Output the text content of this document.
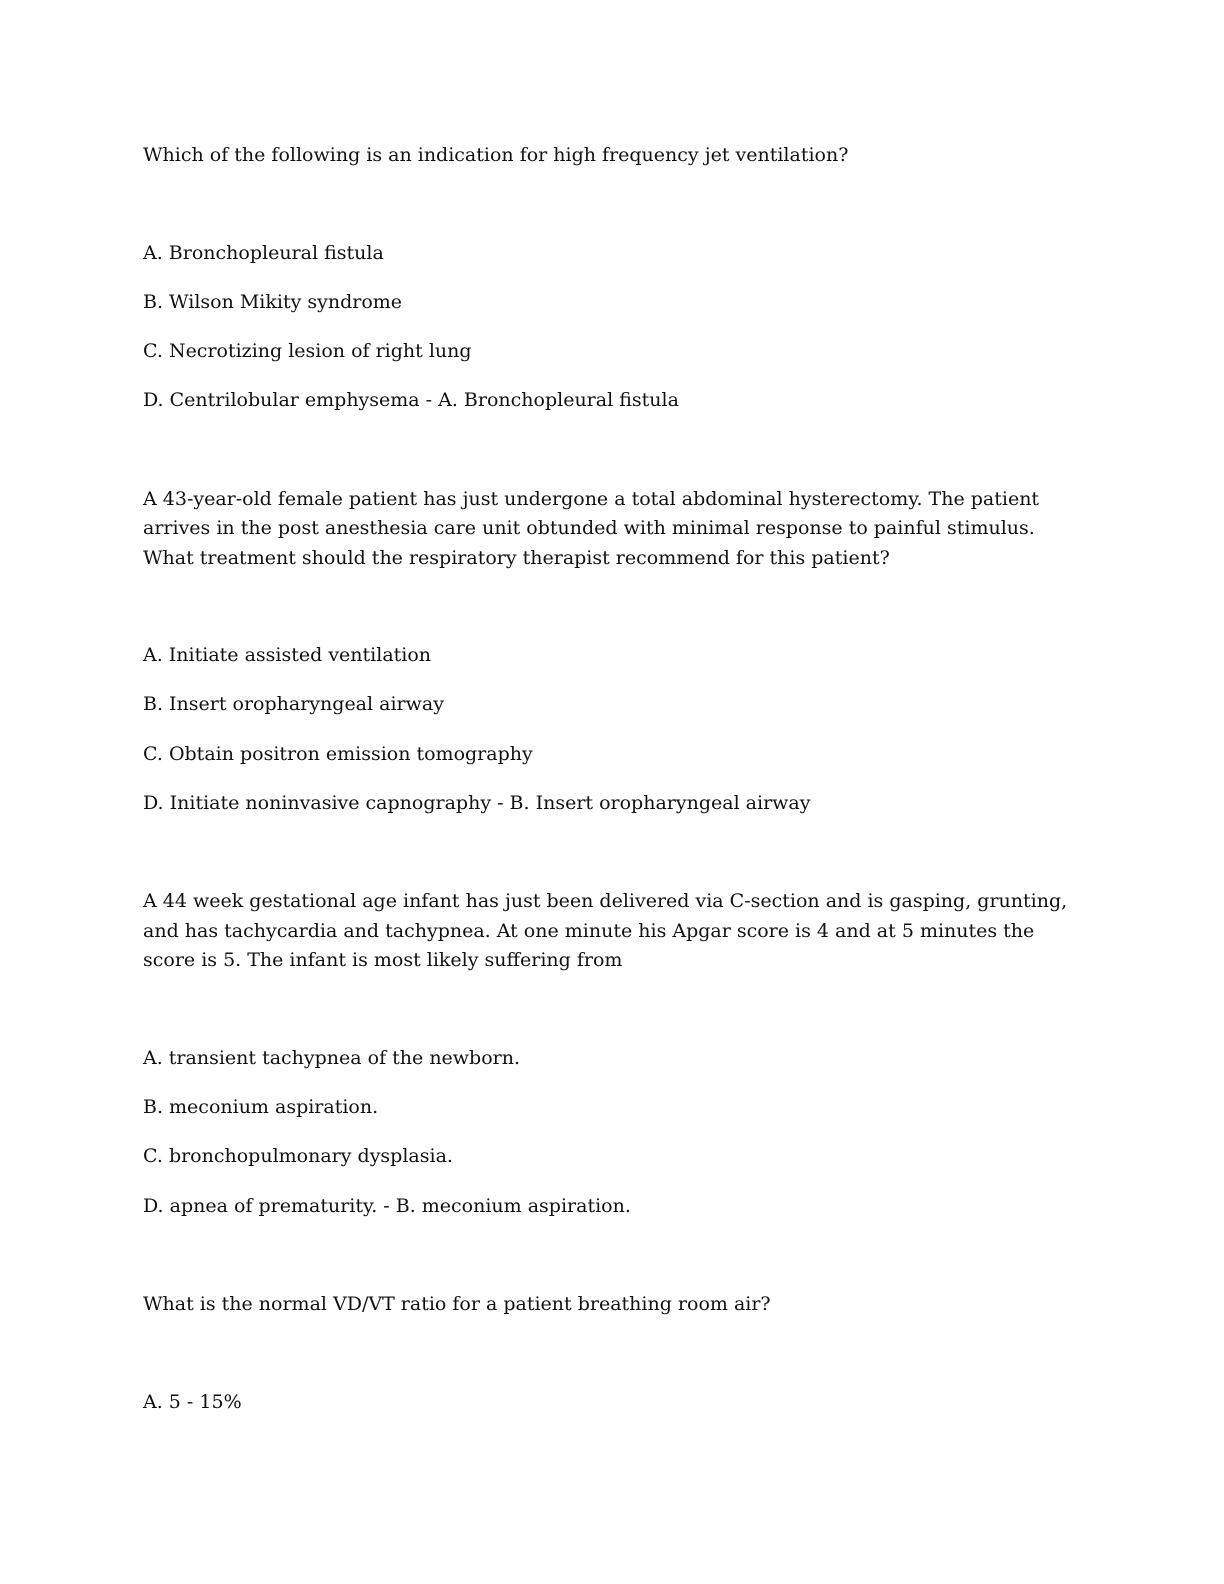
Which of the following is an indication for high frequency jet ventilation?

A. Bronchopleural fistula
B. Wilson Mikity syndrome
C. Necrotizing lesion of right lung
D. Centrilobular emphysema - A. Bronchopleural fistula

A 43-year-old female patient has just undergone a total abdominal hysterectomy. The patient arrives in the post anesthesia care unit obtunded with minimal response to painful stimulus. What treatment should the respiratory therapist recommend for this patient?

A. Initiate assisted ventilation
B. Insert oropharyngeal airway
C. Obtain positron emission tomography
D. Initiate noninvasive capnography - B. Insert oropharyngeal airway

A 44 week gestational age infant has just been delivered via C-section and is gasping, grunting, and has tachycardia and tachypnea. At one minute his Apgar score is 4 and at 5 minutes the score is 5. The infant is most likely suffering from

A. transient tachypnea of the newborn.
B. meconium aspiration.
C. bronchopulmonary dysplasia.
D. apnea of prematurity. - B. meconium aspiration.

What is the normal VD/VT ratio for a patient breathing room air?

A. 5 - 15%
